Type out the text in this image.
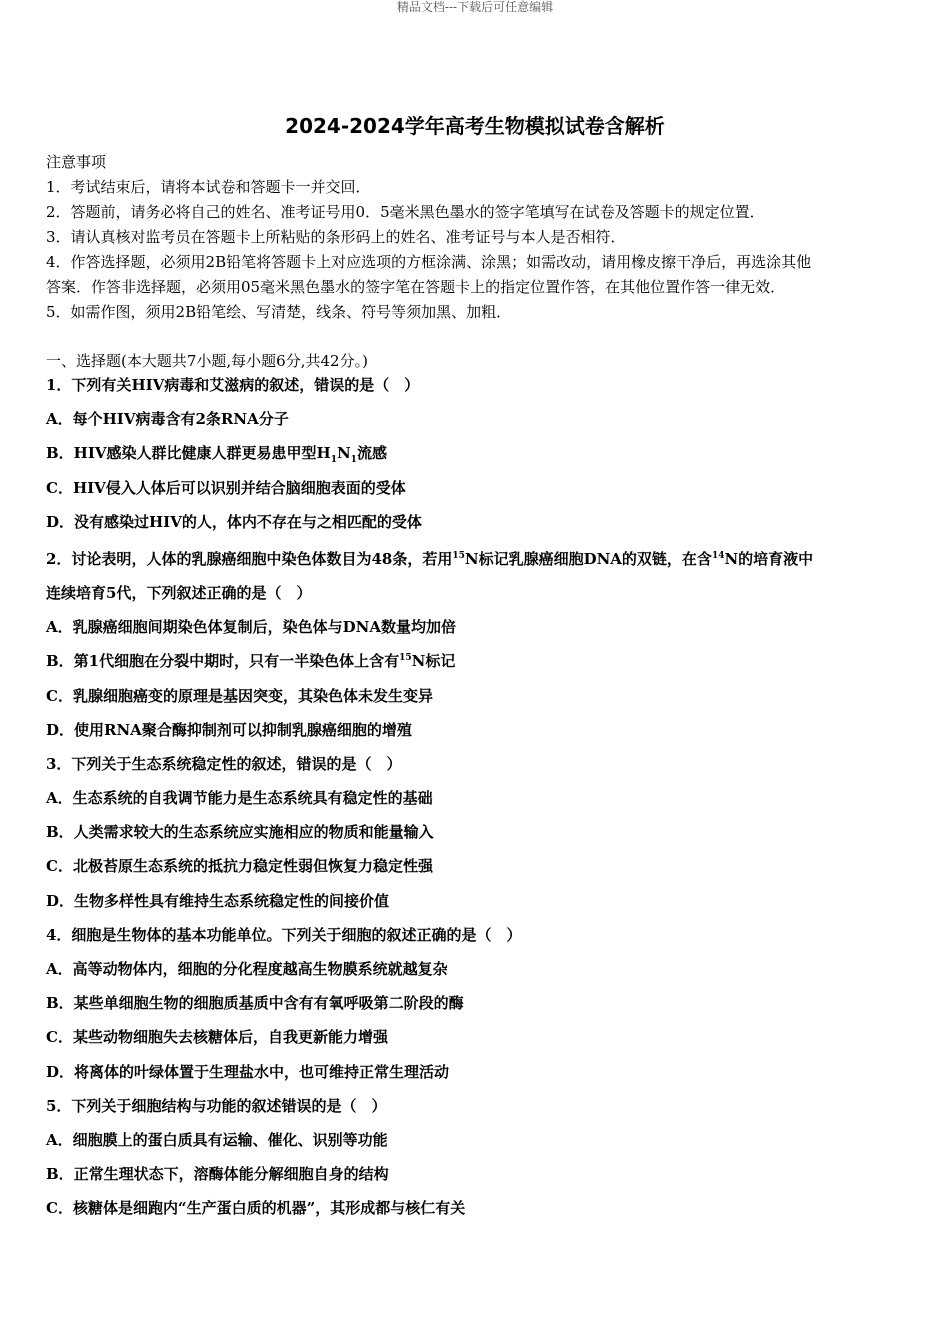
精品文档---下载后可任意编辑
2024-2024学年高考生物模拟试卷含解析
注意事项
1．考试结束后，请将本试卷和答题卡一并交回．
2．答题前，请务必将自己的姓名、准考证号用0．5毫米黑色墨水的签字笔填写在试卷及答题卡的规定位置．
3．请认真核对监考员在答题卡上所粘贴的条形码上的姓名、准考证号与本人是否相符．
4．作答选择题，必须用2B铅笔将答题卡上对应选项的方框涂满、涂黑；如需改动，请用橡皮擦干净后，再选涂其他
答案．作答非选择题，必须用05毫米黑色墨水的签字笔在答题卡上的指定位置作答，在其他位置作答一律无效．
5．如需作图，须用2B铅笔绘、写清楚，线条、符号等须加黑、加粗．
一、选择题(本大题共7小题,每小题6分,共42分。)
1．下列有关HIV病毒和艾滋病的叙述，错误的是（　）
A．每个HIV病毒含有2条RNA分子
B．HIV感染人群比健康人群更易患甲型$H_1N_1$流感
C．HIV侵入人体后可以识别并结合脑细胞表面的受体
D．没有感染过HIV的人，体内不存在与之相匹配的受体
2．讨论表明，人体的乳腺癌细胞中染色体数目为48条，若用$^{15}$N标记乳腺癌细胞DNA的双链，在含$^{14}$N的培育液中
连续培育5代，下列叙述正确的是（　）
A．乳腺癌细胞间期染色体复制后，染色体与DNA数量均加倍
B．第1代细胞在分裂中期时，只有一半染色体上含有$^{15}$N标记
C．乳腺细胞癌变的原理是基因突变，其染色体未发生变异
D．使用RNA聚合酶抑制剂可以抑制乳腺癌细胞的增殖
3．下列关于生态系统稳定性的叙述，错误的是（　）
A．生态系统的自我调节能力是生态系统具有稳定性的基础
B．人类需求较大的生态系统应实施相应的物质和能量输入
C．北极苔原生态系统的抵抗力稳定性弱但恢复力稳定性强
D．生物多样性具有维持生态系统稳定性的间接价值
4．细胞是生物体的基本功能单位。下列关于细胞的叙述正确的是（　）
A．高等动物体内，细胞的分化程度越高生物膜系统就越复杂
B．某些单细胞生物的细胞质基质中含有有氧呼吸第二阶段的酶
C．某些动物细胞失去核糖体后，自我更新能力增强
D．将离体的叶绿体置于生理盐水中，也可维持正常生理活动
5．下列关于细胞结构与功能的叙述错误的是（　）
A．细胞膜上的蛋白质具有运输、催化、识别等功能
B．正常生理状态下，溶酶体能分解细胞自身的结构
C．核糖体是细跑内“生产蛋白质的机器”，其形成都与核仁有关
